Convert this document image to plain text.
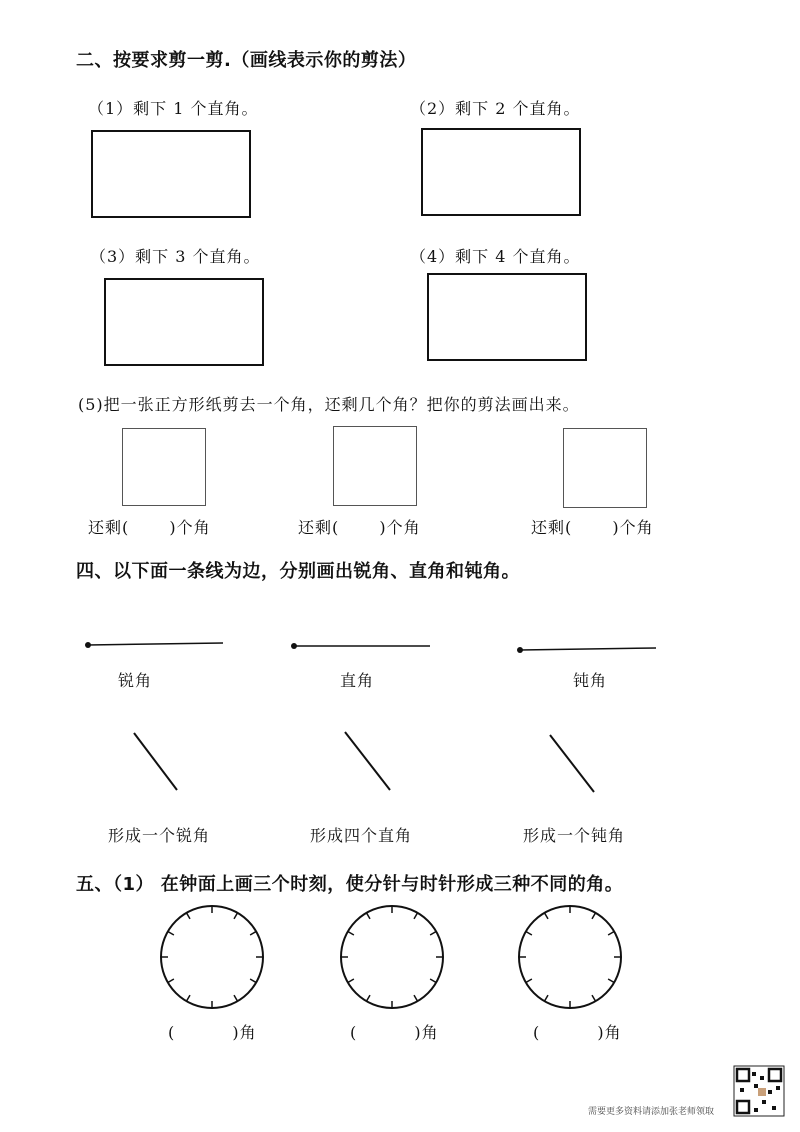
二、按要求剪一剪.（画线表示你的剪法）
（1）剩下 1 个直角。	（2）剩下 2 个直角。
（3）剩下 3 个直角。	（4）剩下 4 个直角。
(5)把一张正方形纸剪去一个角，还剩几个角？把你的剪法画出来。
还剩(　　 )个角	还剩(　　 )个角	还剩(　　 )个角
四、以下面一条线为边，分别画出锐角、直角和钝角。
锐角	直角	钝角
形成一个锐角	形成四个直角	形成一个钝角
五、（1） 在钟面上画三个时刻，使分针与时针形成三种不同的角。
(　　　 )角	(　　　 )角	(　　　 )角
需要更多资料请添加张老师领取
